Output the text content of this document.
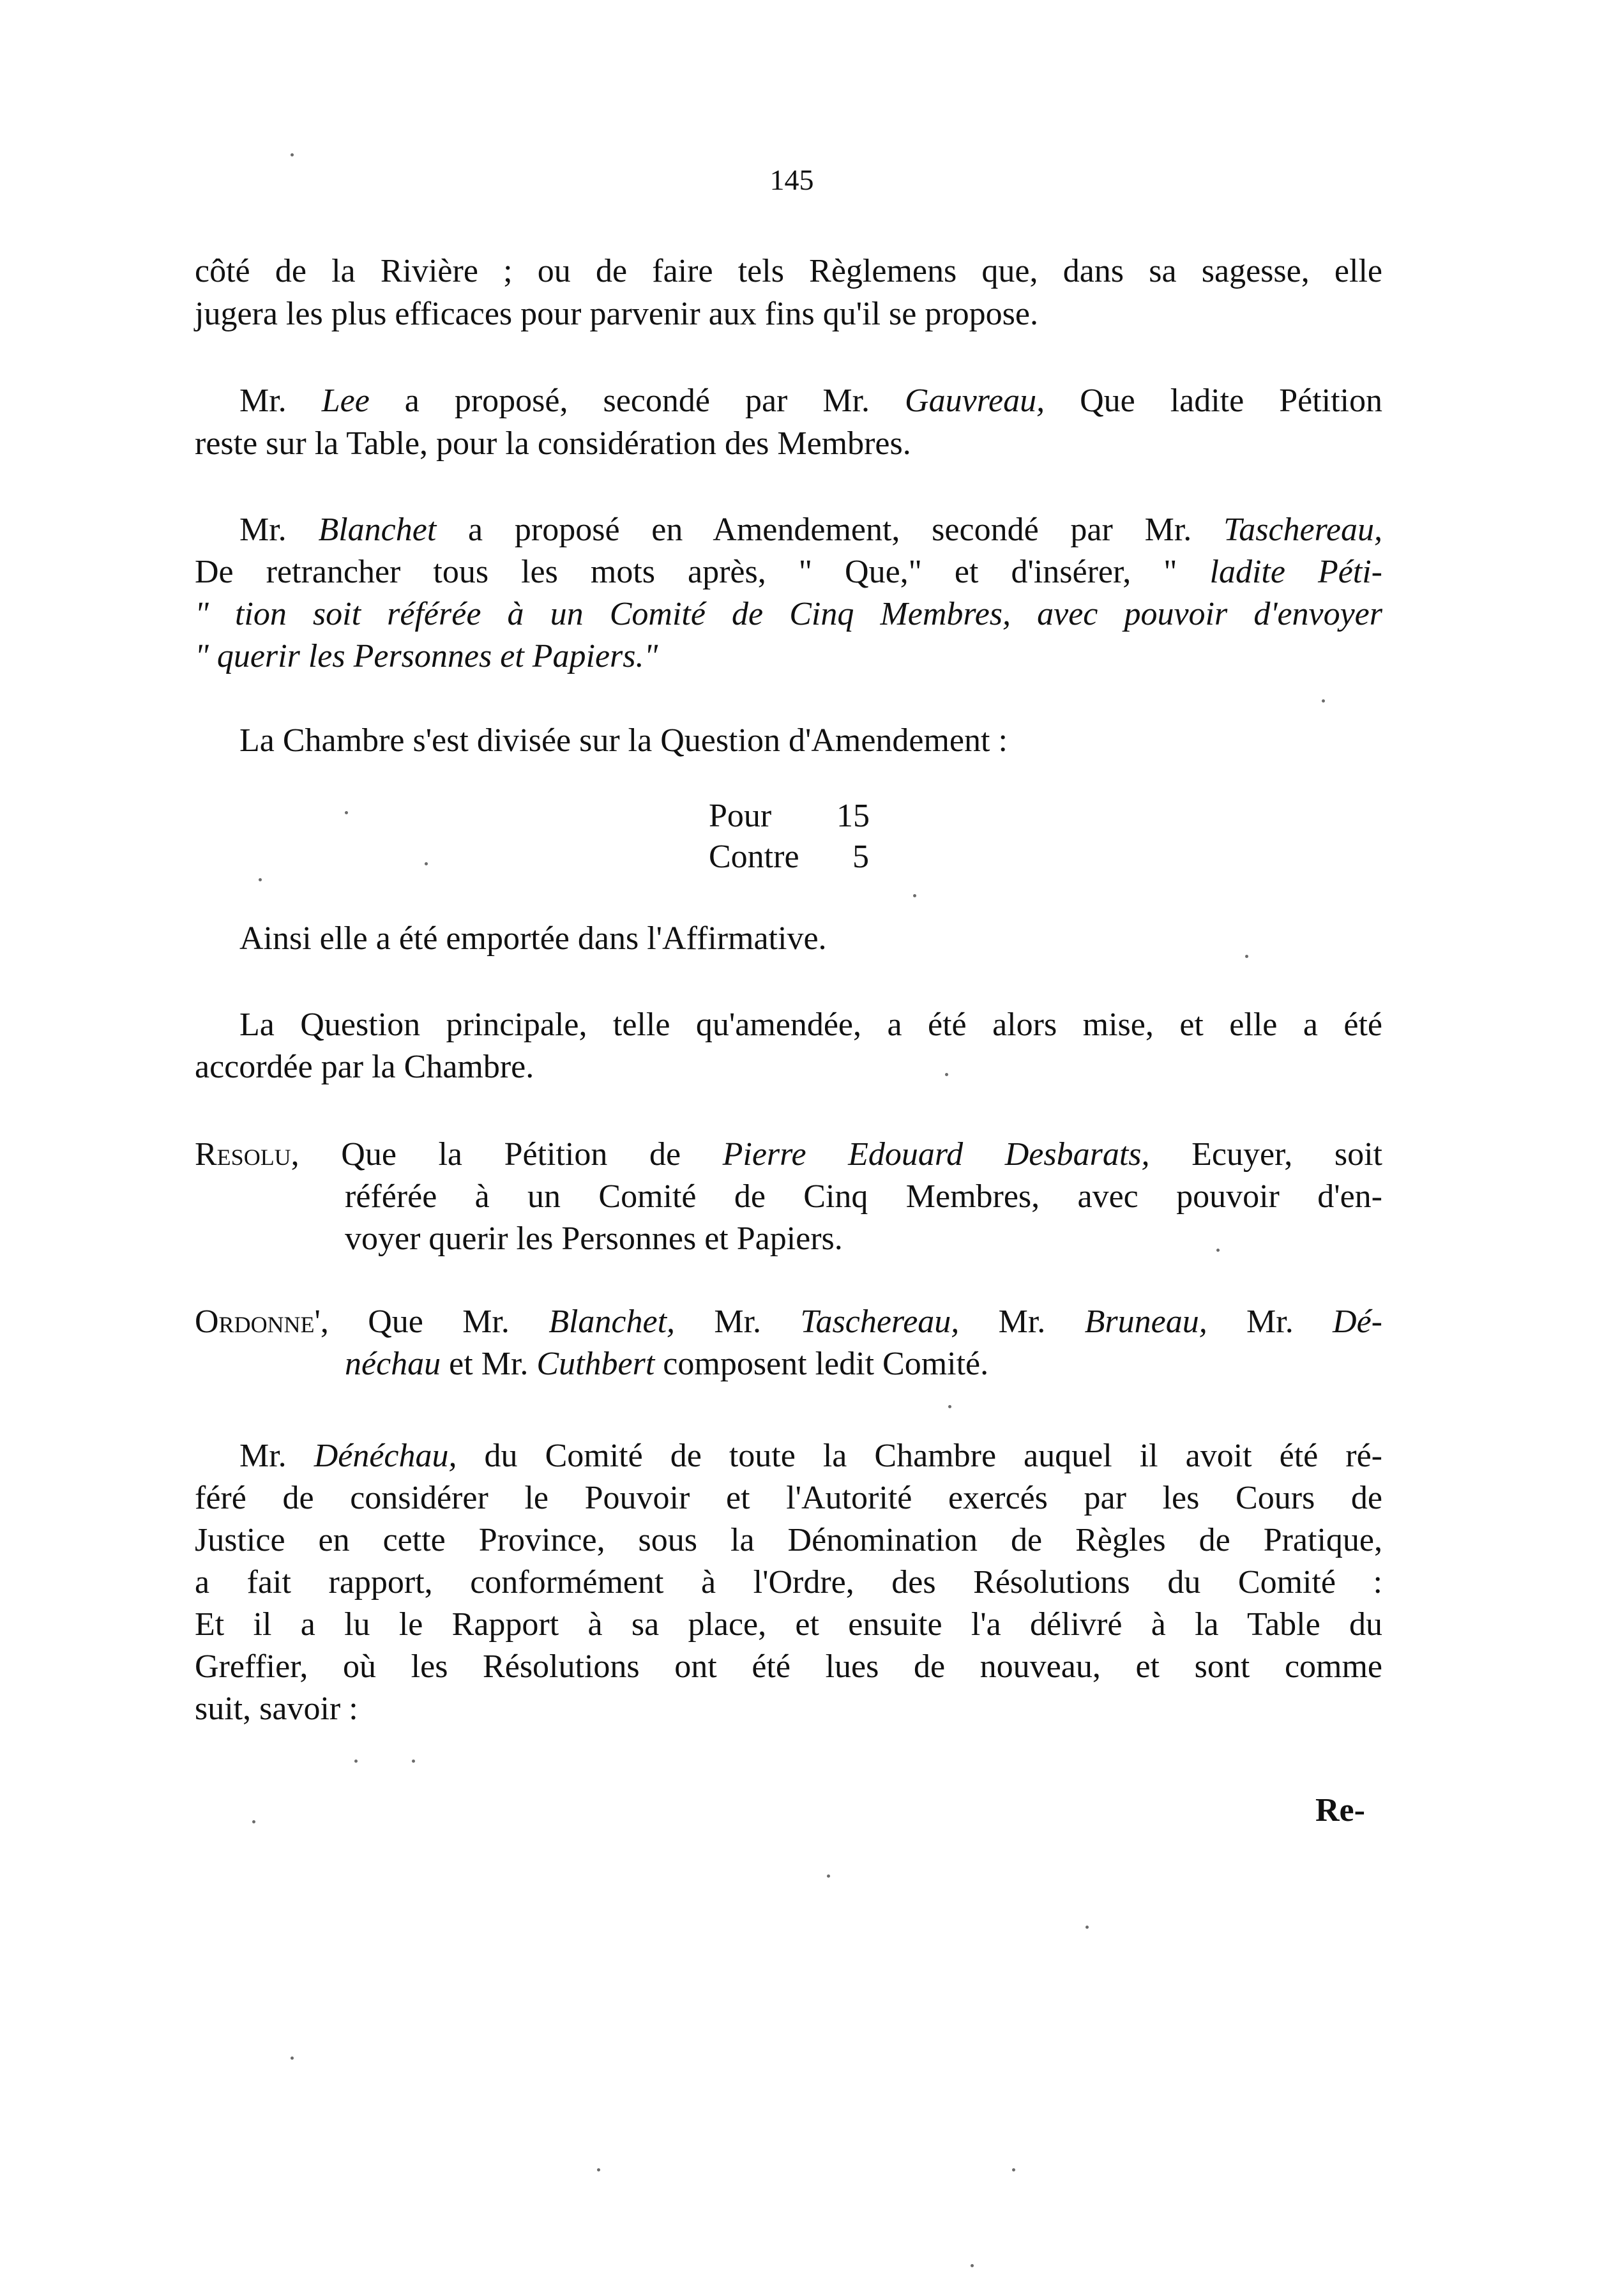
145
côté de la Rivière ; ou de faire tels Règlemens que, dans sa sagesse, elle
jugera les plus efficaces pour parvenir aux fins qu'il se propose.
Mr. Lee a proposé, secondé par Mr. Gauvreau, Que ladite Pétition
reste sur la Table, pour la considération des Membres.
Mr. Blanchet a proposé en Amendement, secondé par Mr. Taschereau,
De retrancher tous les mots après, " Que," et d'insérer, " ladite Péti-
" tion soit référée à un Comité de Cinq Membres, avec pouvoir d'envoyer
" querir les Personnes et Papiers."
La Chambre s'est divisée sur la Question d'Amendement :
Pour 15
Contre 5
Ainsi elle a été emportée dans l'Affirmative.
La Question principale, telle qu'amendée, a été alors mise, et elle a été
accordée par la Chambre.
Resolu, Que la Pétition de Pierre Edouard Desbarats, Ecuyer, soit
référée à un Comité de Cinq Membres, avec pouvoir d'en-
voyer querir les Personnes et Papiers.
Ordonne', Que Mr. Blanchet, Mr. Taschereau, Mr. Bruneau, Mr. Dé-
néchau et Mr. Cuthbert composent ledit Comité.
Mr. Dénéchau, du Comité de toute la Chambre auquel il avoit été ré-
féré de considérer le Pouvoir et l'Autorité exercés par les Cours de
Justice en cette Province, sous la Dénomination de Règles de Pratique,
a fait rapport, conformément à l'Ordre, des Résolutions du Comité :
Et il a lu le Rapport à sa place, et ensuite l'a délivré à la Table du
Greffier, où les Résolutions ont été lues de nouveau, et sont comme
suit, savoir :
Re-
